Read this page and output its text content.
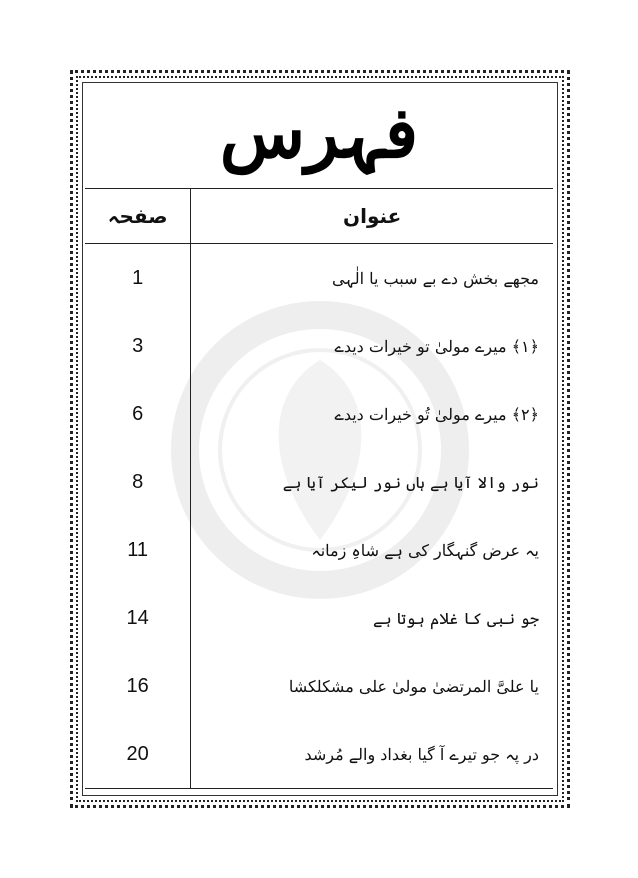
فہرس
عنوان	صفحہ
مجھے بخش دے بے سبب یا الٰہی	1
﴿۱﴾ میرے مولیٰ تو خیرات دیدے	3
﴿۲﴾ میرے مولیٰ تُو خیرات دیدے	6
نور والا آیا ہے ہاں نور لیکر آیا ہے	8
یہ عرض گنہگار کی ہے شاہِ زمانہ	11
جو نبی کا غلام ہوتا ہے	14
یا علیَّ المرتضیٰ مولیٰ علی مشکلکشا	16
در پہ جو تیرے آ گیا بغداد والے مُرشد	20
